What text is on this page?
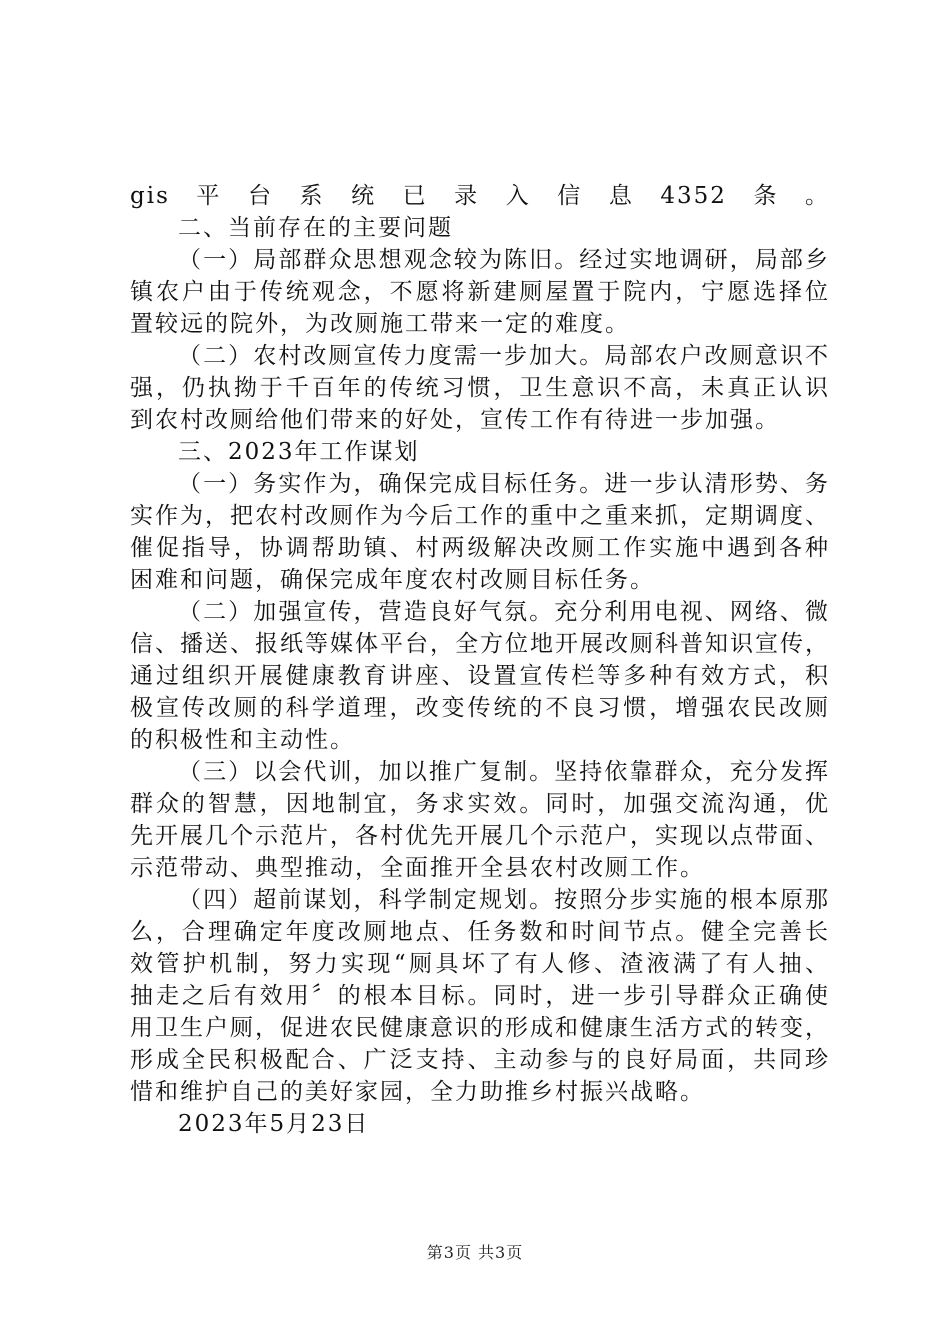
gis平台系统已录入信息4352条。
二、当前存在的主要问题
（一）局部群众思想观念较为陈旧。经过实地调研，局部乡
镇农户由于传统观念，不愿将新建厕屋置于院内，宁愿选择位
置较远的院外，为改厕施工带来一定的难度。
（二）农村改厕宣传力度需一步加大。局部农户改厕意识不
强，仍执拗于千百年的传统习惯，卫生意识不高，未真正认识
到农村改厕给他们带来的好处，宣传工作有待进一步加强。
三、2023年工作谋划
（一）务实作为，确保完成目标任务。进一步认清形势、务
实作为，把农村改厕作为今后工作的重中之重来抓，定期调度、
催促指导，协调帮助镇、村两级解决改厕工作实施中遇到各种
困难和问题，确保完成年度农村改厕目标任务。
（二）加强宣传，营造良好气氛。充分利用电视、网络、微
信、播送、报纸等媒体平台，全方位地开展改厕科普知识宣传，
通过组织开展健康教育讲座、设置宣传栏等多种有效方式，积
极宣传改厕的科学道理，改变传统的不良习惯，增强农民改厕
的积极性和主动性。
（三）以会代训，加以推广复制。坚持依靠群众，充分发挥
群众的智慧，因地制宜，务求实效。同时，加强交流沟通，优
先开展几个示范片，各村优先开展几个示范户，实现以点带面、
示范带动、典型推动，全面推开全县农村改厕工作。
（四）超前谋划，科学制定规划。按照分步实施的根本原那
么，合理确定年度改厕地点、任务数和时间节点。健全完善长
效管护机制，努力实现“厕具坏了有人修、渣液满了有人抽、
抽走之后有效用〞的根本目标。同时，进一步引导群众正确使
用卫生户厕，促进农民健康意识的形成和健康生活方式的转变，
形成全民积极配合、广泛支持、主动参与的良好局面，共同珍
惜和维护自己的美好家园，全力助推乡村振兴战略。
2023年5月23日
第3页 共3页
